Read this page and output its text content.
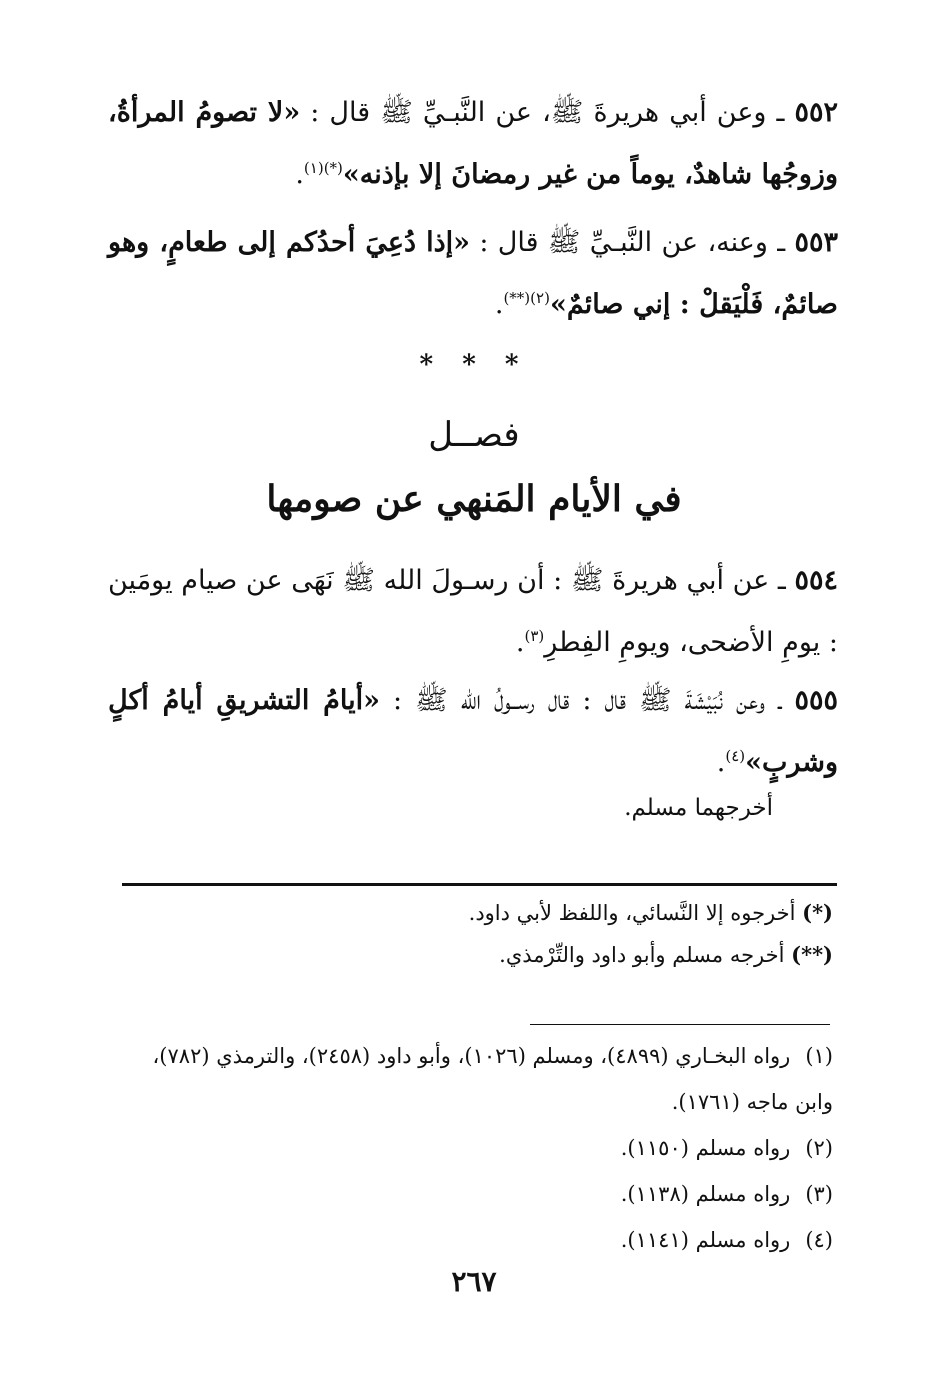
٥٥٢ ـ وعن أبي هريرةَ ﷺ، عن النَّبـيِّ ﷺ قال : «لا تصومُ المرأةُ، وزوجُها شاهدٌ، يوماً من غير رمضانَ إلا بإذنه»$^{(*)(١)}$.
٥٥٣ ـ وعنه، عن النَّبـيِّ ﷺ قال : «إذا دُعِيَ أحدُكم إلى طعامٍ، وهو صائمٌ، فَلْيَقلْ : إني صائمٌ»$^{(٢)(**)}$.
* * *
فصــل
في الأيام المَنهي عن صومها
٥٥٤ ـ عن أبي هريرةَ ﷺ : أن رسـولَ الله ﷺ نَهَى عن صيام يومَين : يومِ الأضحى، ويومِ الفِطرِ$^{(٣)}$.
٥٥٥ ـ وعن نُبَيْشَةَ ﷺ قال : قال رســولُ الله ﷺ : «أيامُ التشريقِ أيامُ أكلٍ وشربٍ»$^{(٤)}$.
أخرجهما مسلم.
(*) أخرجوه إلا النَّسائي، واللفظ لأبي داود.
(**) أخرجه مسلم وأبو داود والتِّرْمذي.
(١) رواه البخـاري (٤٨٩٩)، ومسلم (١٠٢٦)، وأبو داود (٢٤٥٨)، والترمذي (٧٨٢)، وابن ماجه (١٧٦١).
(٢) رواه مسلم (١١٥٠).
(٣) رواه مسلم (١١٣٨).
(٤) رواه مسلم (١١٤١).
٢٦٧
